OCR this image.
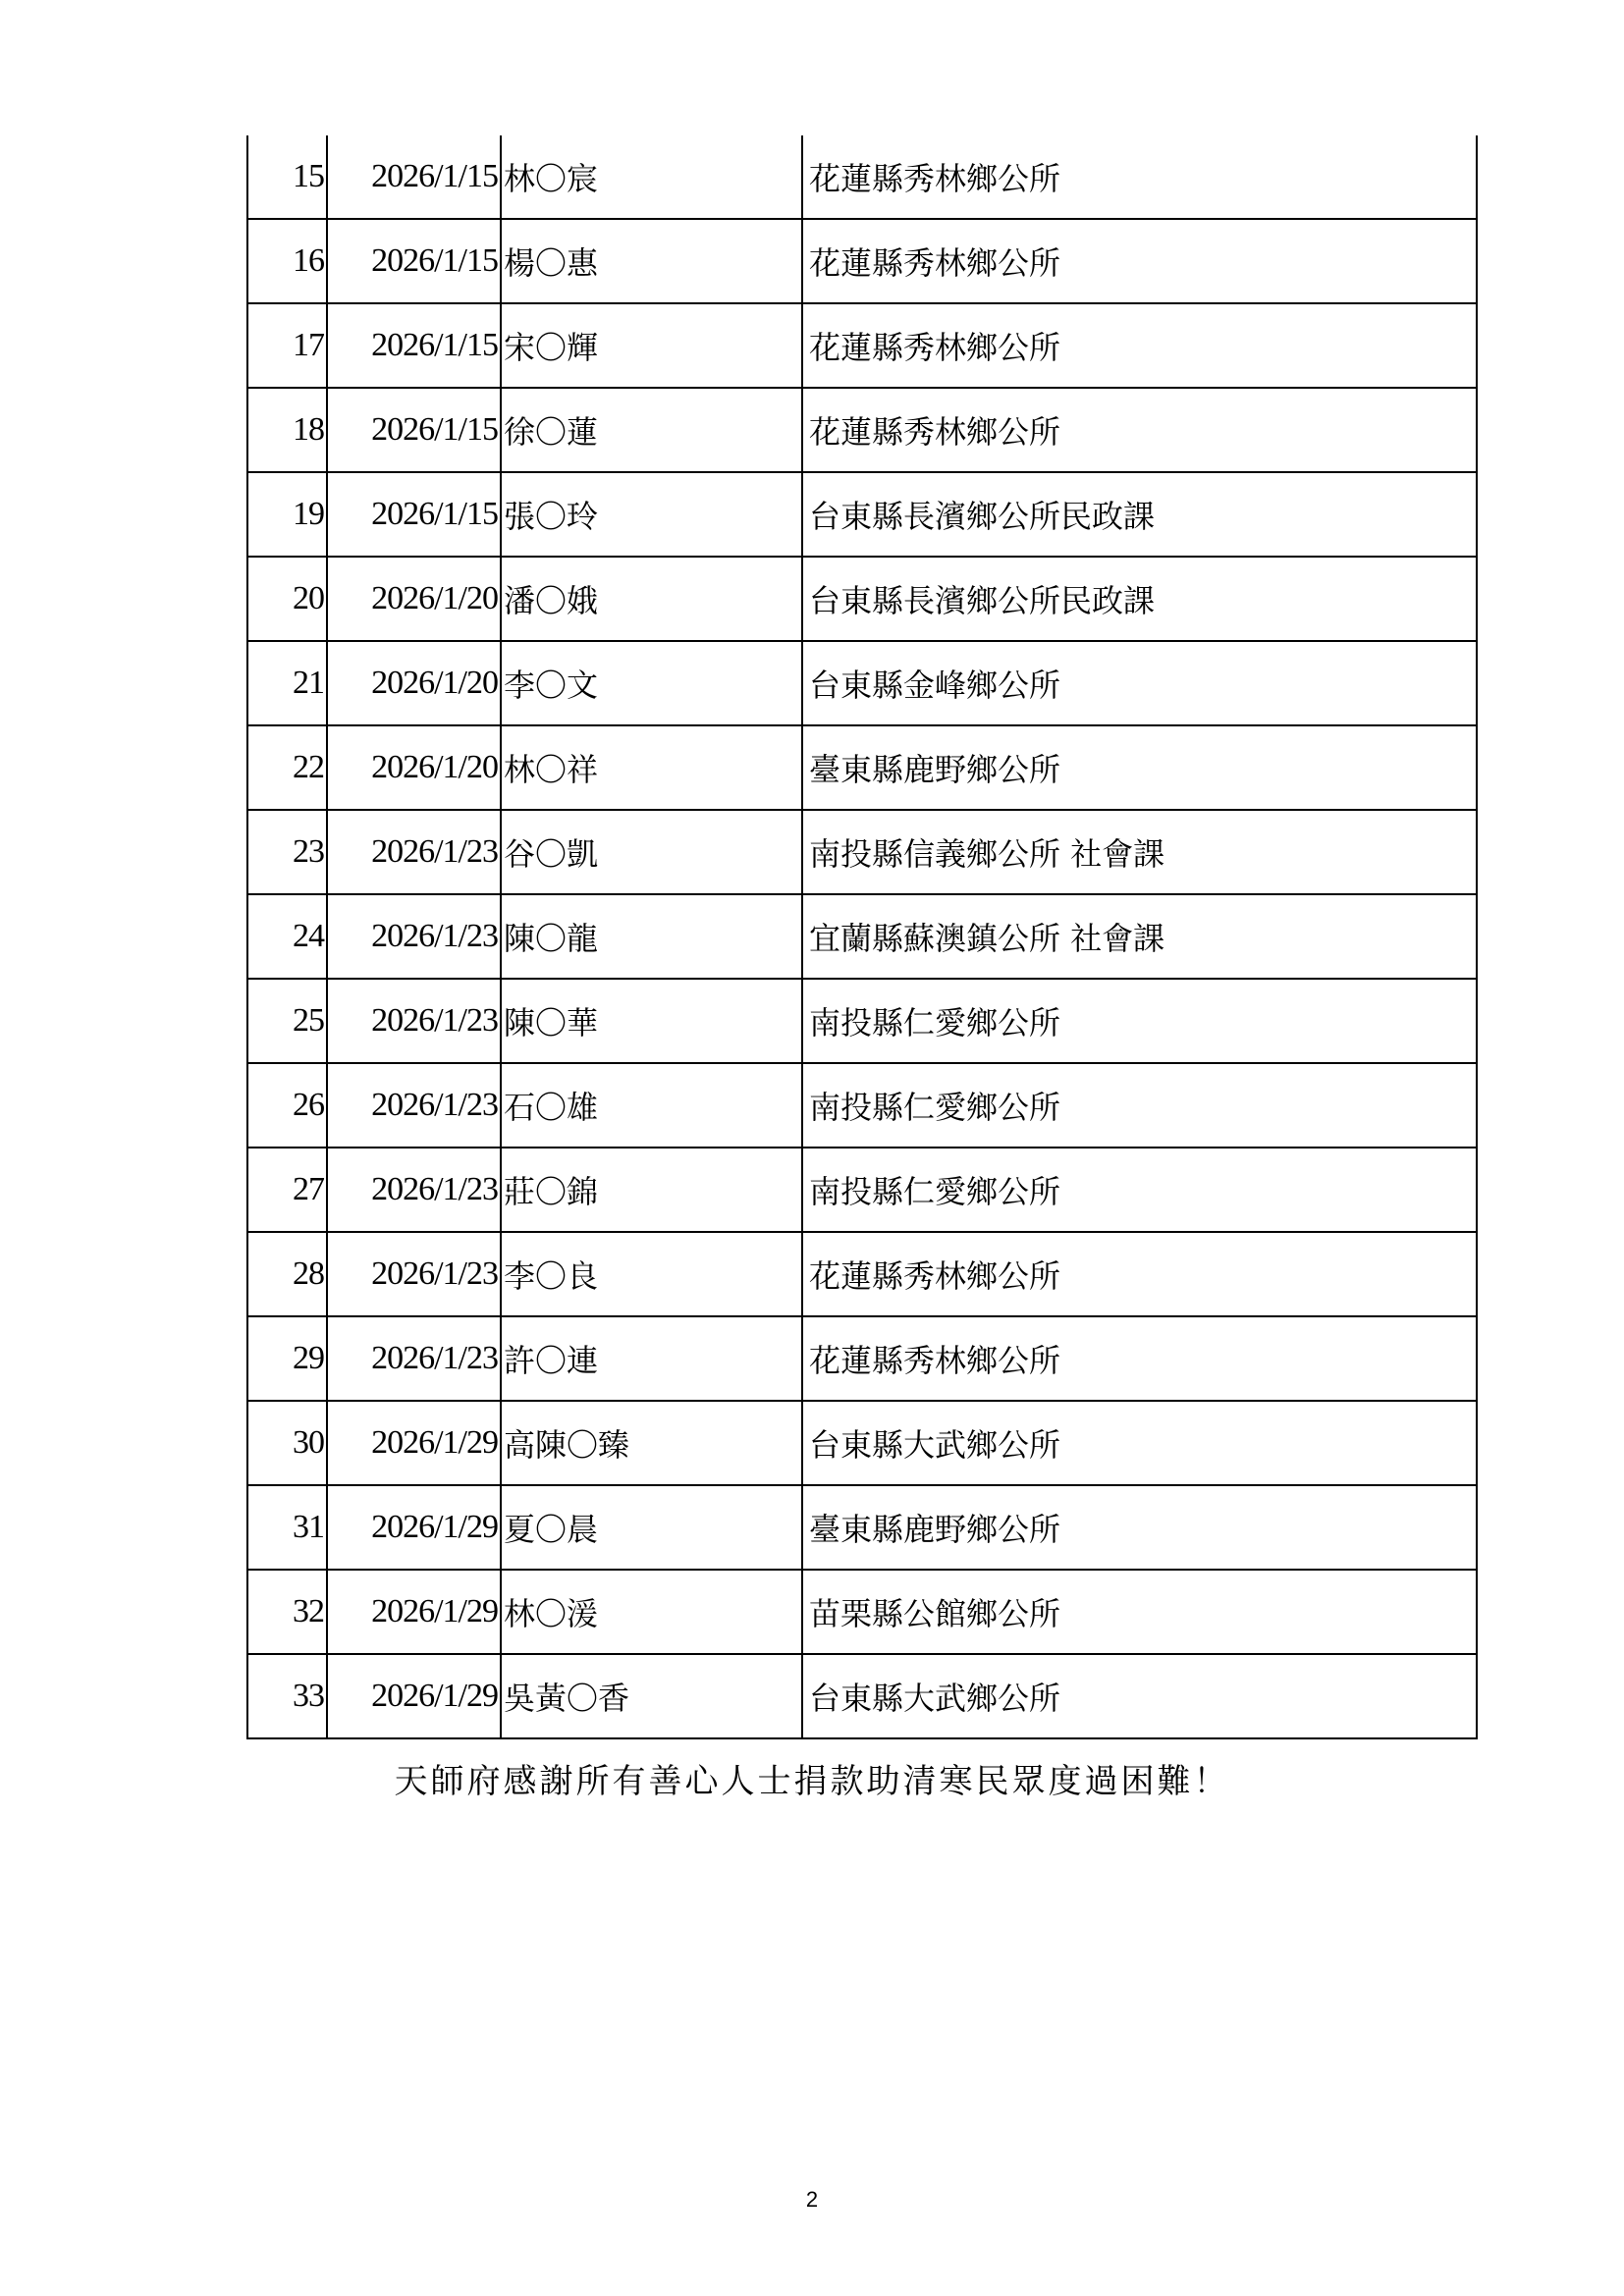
15	2026/1/15	林〇宸	花蓮縣秀林鄉公所
16	2026/1/15	楊〇惠	花蓮縣秀林鄉公所
17	2026/1/15	宋〇輝	花蓮縣秀林鄉公所
18	2026/1/15	徐〇蓮	花蓮縣秀林鄉公所
19	2026/1/15	張〇玲	台東縣長濱鄉公所民政課
20	2026/1/20	潘〇娥	台東縣長濱鄉公所民政課
21	2026/1/20	李〇文	台東縣金峰鄉公所
22	2026/1/20	林〇祥	臺東縣鹿野鄉公所
23	2026/1/23	谷〇凱	南投縣信義鄉公所 社會課
24	2026/1/23	陳〇龍	宜蘭縣蘇澳鎮公所 社會課
25	2026/1/23	陳〇華	南投縣仁愛鄉公所
26	2026/1/23	石〇雄	南投縣仁愛鄉公所
27	2026/1/23	莊〇錦	南投縣仁愛鄉公所
28	2026/1/23	李〇良	花蓮縣秀林鄉公所
29	2026/1/23	許〇連	花蓮縣秀林鄉公所
30	2026/1/29	高陳〇臻	台東縣大武鄉公所
31	2026/1/29	夏〇晨	臺東縣鹿野鄉公所
32	2026/1/29	林〇湲	苗栗縣公館鄉公所
33	2026/1/29	吳黃〇香	台東縣大武鄉公所
天師府感謝所有善心人士捐款助清寒民眾度過困難！
2
